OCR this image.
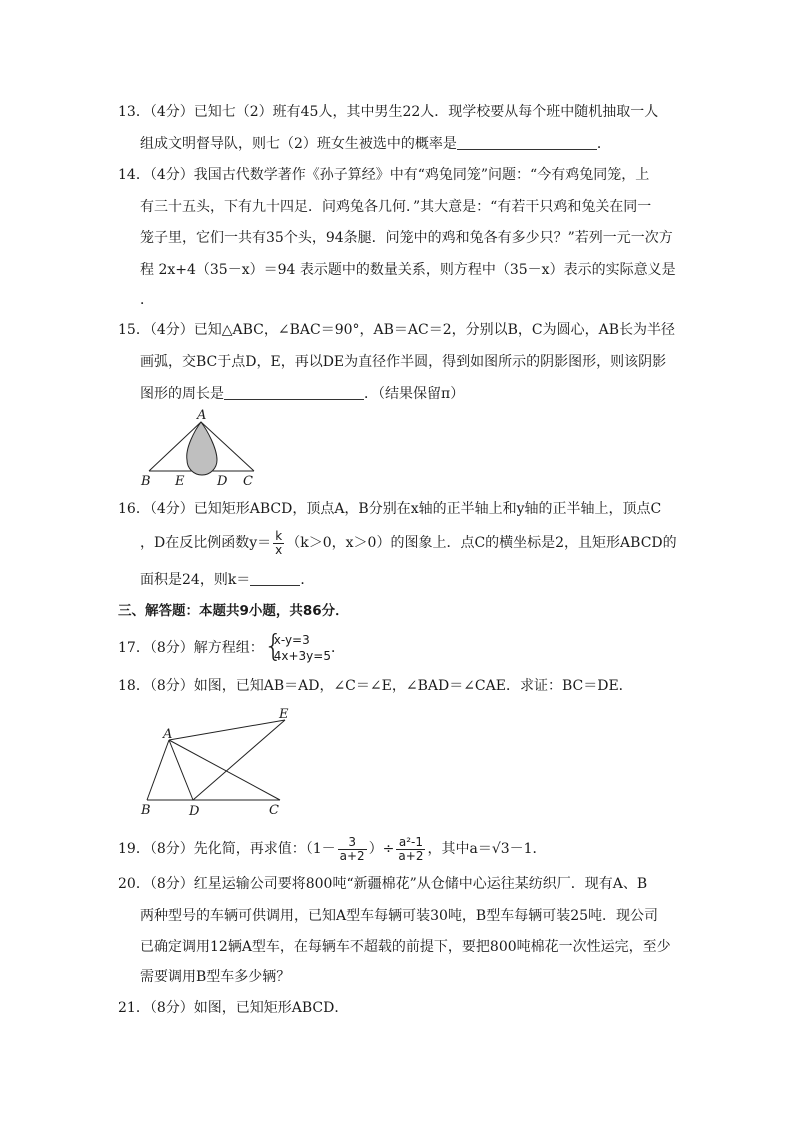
13．（4分）已知七（2）班有45人，其中男生22人．现学校要从每个班中随机抽取一人
组成文明督导队，则七（2）班女生被选中的概率是	．
14．（4分）我国古代数学著作《孙子算经》中有“鸡兔同笼”问题：“今有鸡兔同笼，上
有三十五头，下有九十四足．问鸡兔各几何．”其大意是：“有若干只鸡和兔关在同一
笼子里，它们一共有35个头，94条腿．问笼中的鸡和兔各有多少只？”若列一元一次方
程 2x+4（35－x）＝94 表示题中的数量关系，则方程中（35－x）表示的实际意义是
．
15．（4分）已知△ABC，∠BAC＝90°，AB＝AC＝2，分别以B，C为圆心，AB长为半径
画弧，交BC于点D，E，再以DE为直径作半圆，得到如图所示的阴影图形，则该阴影
图形的周长是	．（结果保留π）
A
B E	D C
16．（4分）已知矩形ABCD，顶点A，B分别在x轴的正半轴上和y轴的正半轴上，顶点C
，D在反比例函数$y= \frac{k}{x} (k>0$，x＞0）的图象上．点C的横坐标是2，且矩形ABCD的
面积是24，则k＝	．
三、解答题：本题共9小题，共86分．
17．（8分）解方程组： {
x-y=3
4x+3y=5 ．
18．（8分）如图，已知AB＝AD，∠C＝∠E，∠BAD＝∠CAE．求证：BC＝DE．
A
B	D	C
E
19．（8分）先化简，再求值：（$1- \frac{3}{a+2}$ ）÷ $\frac{\text{a²-1}}{a+2}$ ，其中a＝√3－1．
20．（8分）红星运输公司要将800吨“新疆棉花”从仓储中心运往某纺织厂．现有A、B
两种型号的车辆可供调用，已知A型车每辆可装30吨，B型车每辆可装25吨．现公司
已确定调用12辆A型车，在每辆车不超载的前提下，要把800吨棉花一次性运完，至少
需要调用B型车多少辆？
21．（8分）如图，已知矩形ABCD．
